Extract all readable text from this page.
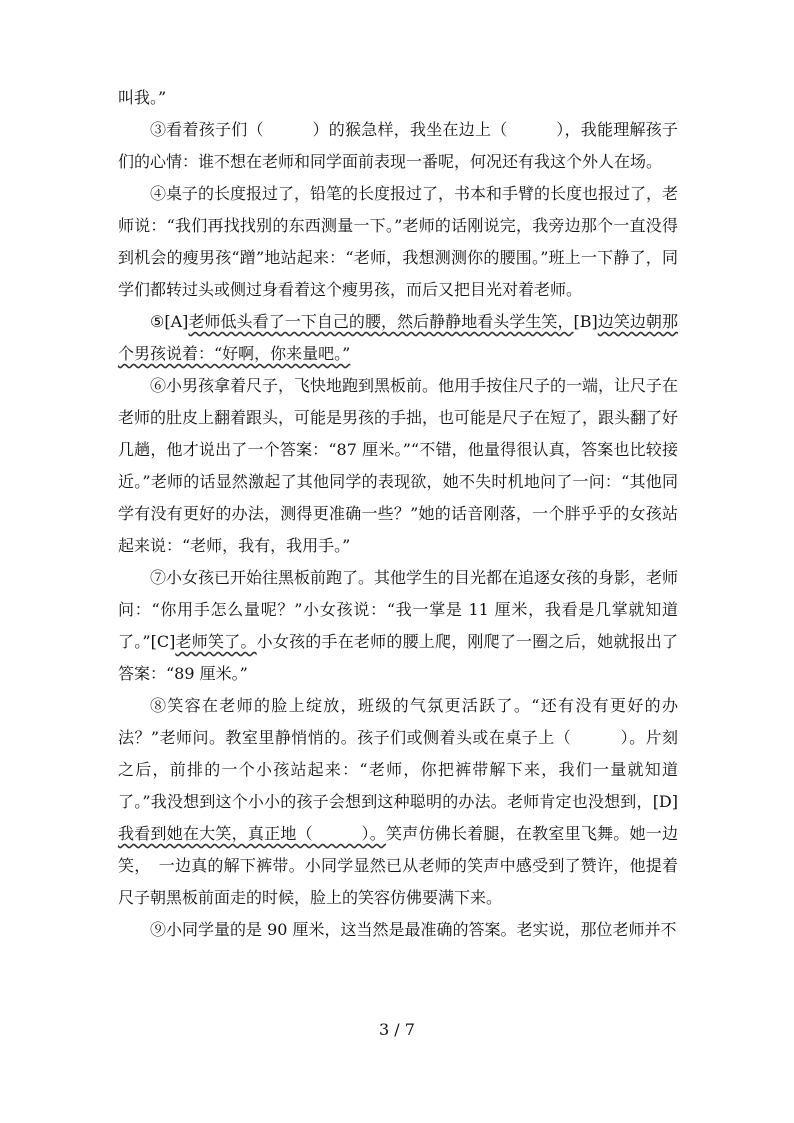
叫我。”

③看着孩子们（　　　）的猴急样，我坐在边上（　　　），我能理解孩子们的心情：谁不想在老师和同学面前表现一番呢，何况还有我这个外人在场。

④桌子的长度报过了，铅笔的长度报过了，书本和手臂的长度也报过了，老师说：“我们再找找别的东西测量一下。”老师的话刚说完，我旁边那个一直没得到机会的瘦男孩“蹭”地站起来：“老师，我想测测你的腰围。”班上一下静了，同学们都转过头或侧过身看着这个瘦男孩，而后又把目光对着老师。

⑤[A]老师低头看了一下自己的腰，然后静静地看头学生笑，[B]边笑边朝那个男孩说着：“好啊，你来量吧。”

⑥小男孩拿着尺子，飞快地跑到黑板前。他用手按住尺子的一端，让尺子在老师的肚皮上翻着跟头，可能是男孩的手拙，也可能是尺子在短了，跟头翻了好几趟，他才说出了一个答案：“87 厘米。”“不错，他量得很认真，答案也比较接近。”老师的话显然激起了其他同学的表现欲，她不失时机地问了一问：“其他同学有没有更好的办法，测得更准确一些？”她的话音刚落，一个胖乎乎的女孩站起来说：“老师，我有，我用手。”

⑦小女孩已开始往黑板前跑了。其他学生的目光都在追逐女孩的身影，老师问：“你用手怎么量呢？”小女孩说：“我一掌是 11 厘米，我看是几掌就知道了。”[C]老师笑了。小女孩的手在老师的腰上爬，刚爬了一圈之后，她就报出了答案：“89 厘米。”

⑧笑容在老师的脸上绽放，班级的气氛更活跃了。“还有没有更好的办法？”老师问。教室里静悄悄的。孩子们或侧着头或在桌子上（　　　）。片刻之后，前排的一个小孩站起来：“老师，你把裤带解下来，我们一量就知道了。”我没想到这个小小的孩子会想到这种聪明的办法。老师肯定也没想到，[D]我看到她在大笑，真正地（　　　）。笑声仿佛长着腿，在教室里飞舞。她一边笑，　一边真的解下裤带。小同学显然已从老师的笑声中感受到了赞许，他提着尺子朝黑板前面走的时候，脸上的笑容仿佛要满下来。

⑨小同学量的是 90 厘米，这当然是最准确的答案。老实说，那位老师并不

3 / 7
